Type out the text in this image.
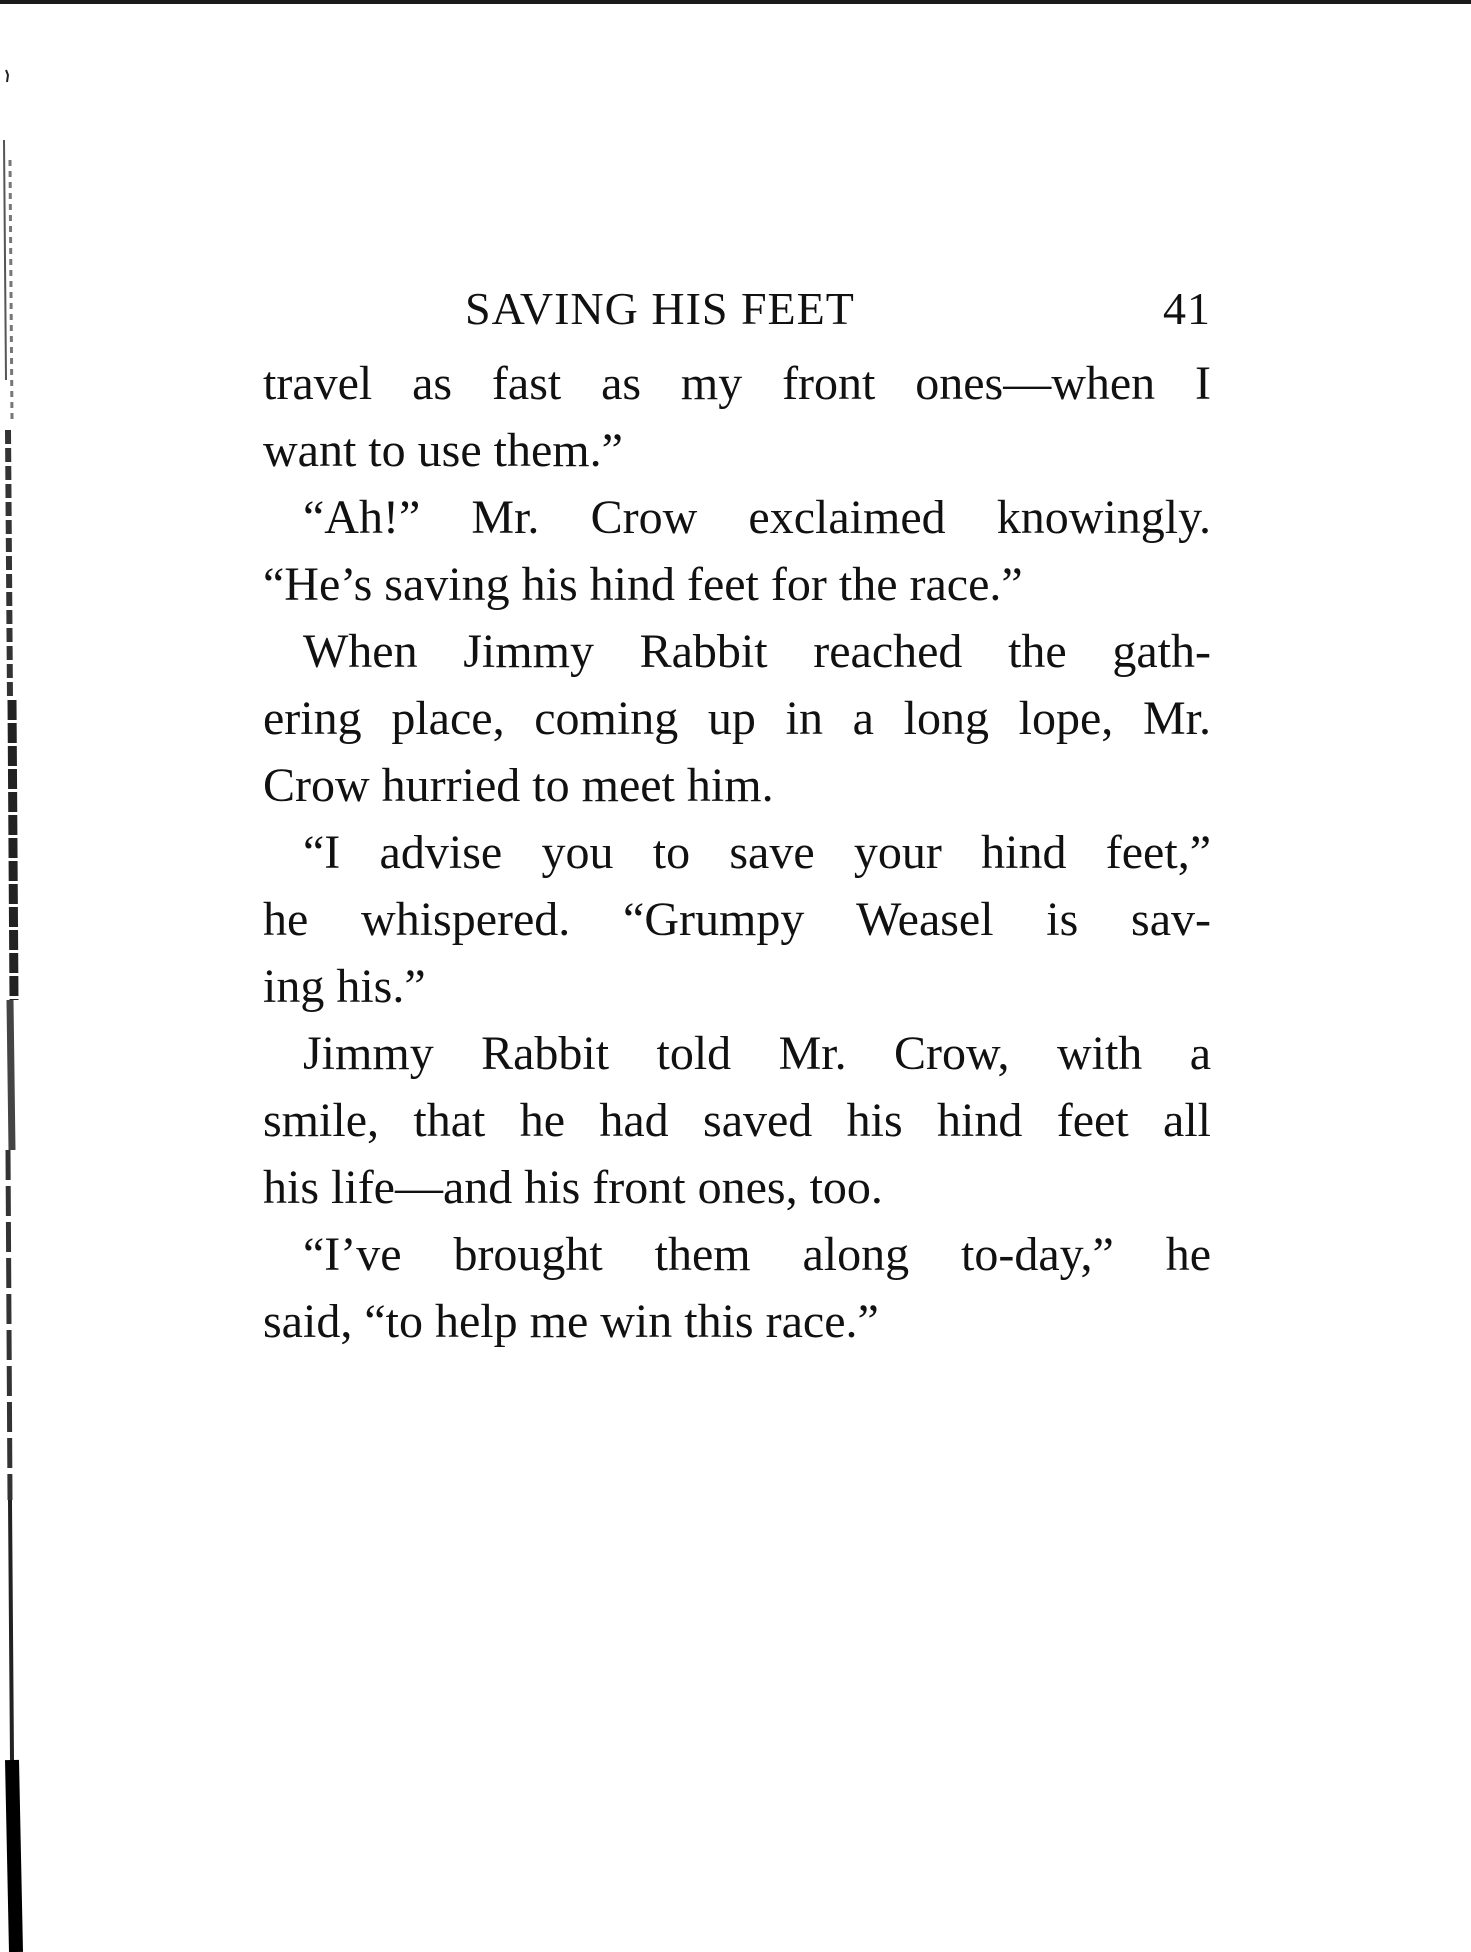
SAVING HIS FEET	41

travel as fast as my front ones—when I
want to use them.”

“Ah!” Mr. Crow exclaimed knowingly.
“He’s saving his hind feet for the race.”

When Jimmy Rabbit reached the gath-
ering place, coming up in a long lope, Mr.
Crow hurried to meet him.

“I advise you to save your hind feet,”
he whispered. “Grumpy Weasel is sav-
ing his.”

Jimmy Rabbit told Mr. Crow, with a
smile, that he had saved his hind feet all
his life—and his front ones, too.

“I’ve brought them along to-day,” he
said, “to help me win this race.”
